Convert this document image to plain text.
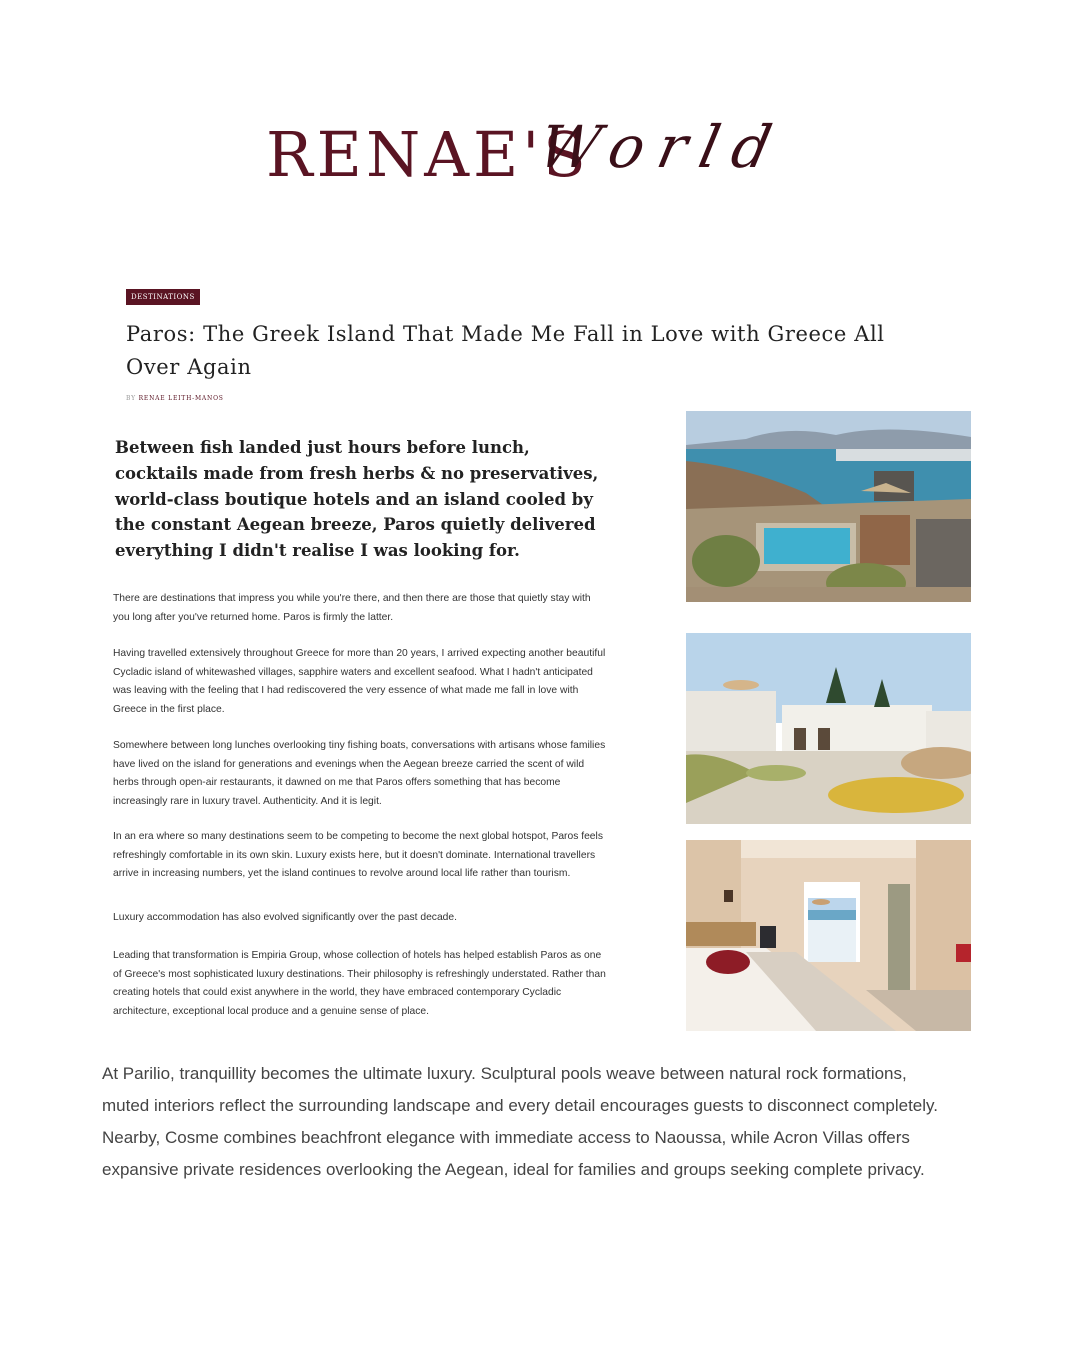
RENAE'S
World
DESTINATIONS
Paros: The Greek Island That Made Me Fall in Love with Greece All Over Again
BY RENAE LEITH-MANOS

Between fish landed just hours before lunch, cocktails made from fresh herbs & no preservatives, world-class boutique hotels and an island cooled by the constant Aegean breeze, Paros quietly delivered everything I didn't realise I was looking for.

There are destinations that impress you while you're there, and then there are those that quietly stay with you long after you've returned home. Paros is firmly the latter.

Having travelled extensively throughout Greece for more than 20 years, I arrived expecting another beautiful Cycladic island of whitewashed villages, sapphire waters and excellent seafood. What I hadn't anticipated was leaving with the feeling that I had rediscovered the very essence of what made me fall in love with Greece in the first place.

Somewhere between long lunches overlooking tiny fishing boats, conversations with artisans whose families have lived on the island for generations and evenings when the Aegean breeze carried the scent of wild herbs through open-air restaurants, it dawned on me that Paros offers something that has become increasingly rare in luxury travel. Authenticity. And it is legit.

In an era where so many destinations seem to be competing to become the next global hotspot, Paros feels refreshingly comfortable in its own skin. Luxury exists here, but it doesn't dominate. International travellers arrive in increasing numbers, yet the island continues to revolve around local life rather than tourism.

Luxury accommodation has also evolved significantly over the past decade.

Leading that transformation is Empiria Group, whose collection of hotels has helped establish Paros as one of Greece's most sophisticated luxury destinations. Their philosophy is refreshingly understated. Rather than creating hotels that could exist anywhere in the world, they have embraced contemporary Cycladic architecture, exceptional local produce and a genuine sense of place.

At Parilio, tranquillity becomes the ultimate luxury. Sculptural pools weave between natural rock formations, muted interiors reflect the surrounding landscape and every detail encourages guests to disconnect completely. Nearby, Cosme combines beachfront elegance with immediate access to Naoussa, while Acron Villas offers expansive private residences overlooking the Aegean, ideal for families and groups seeking complete privacy.
